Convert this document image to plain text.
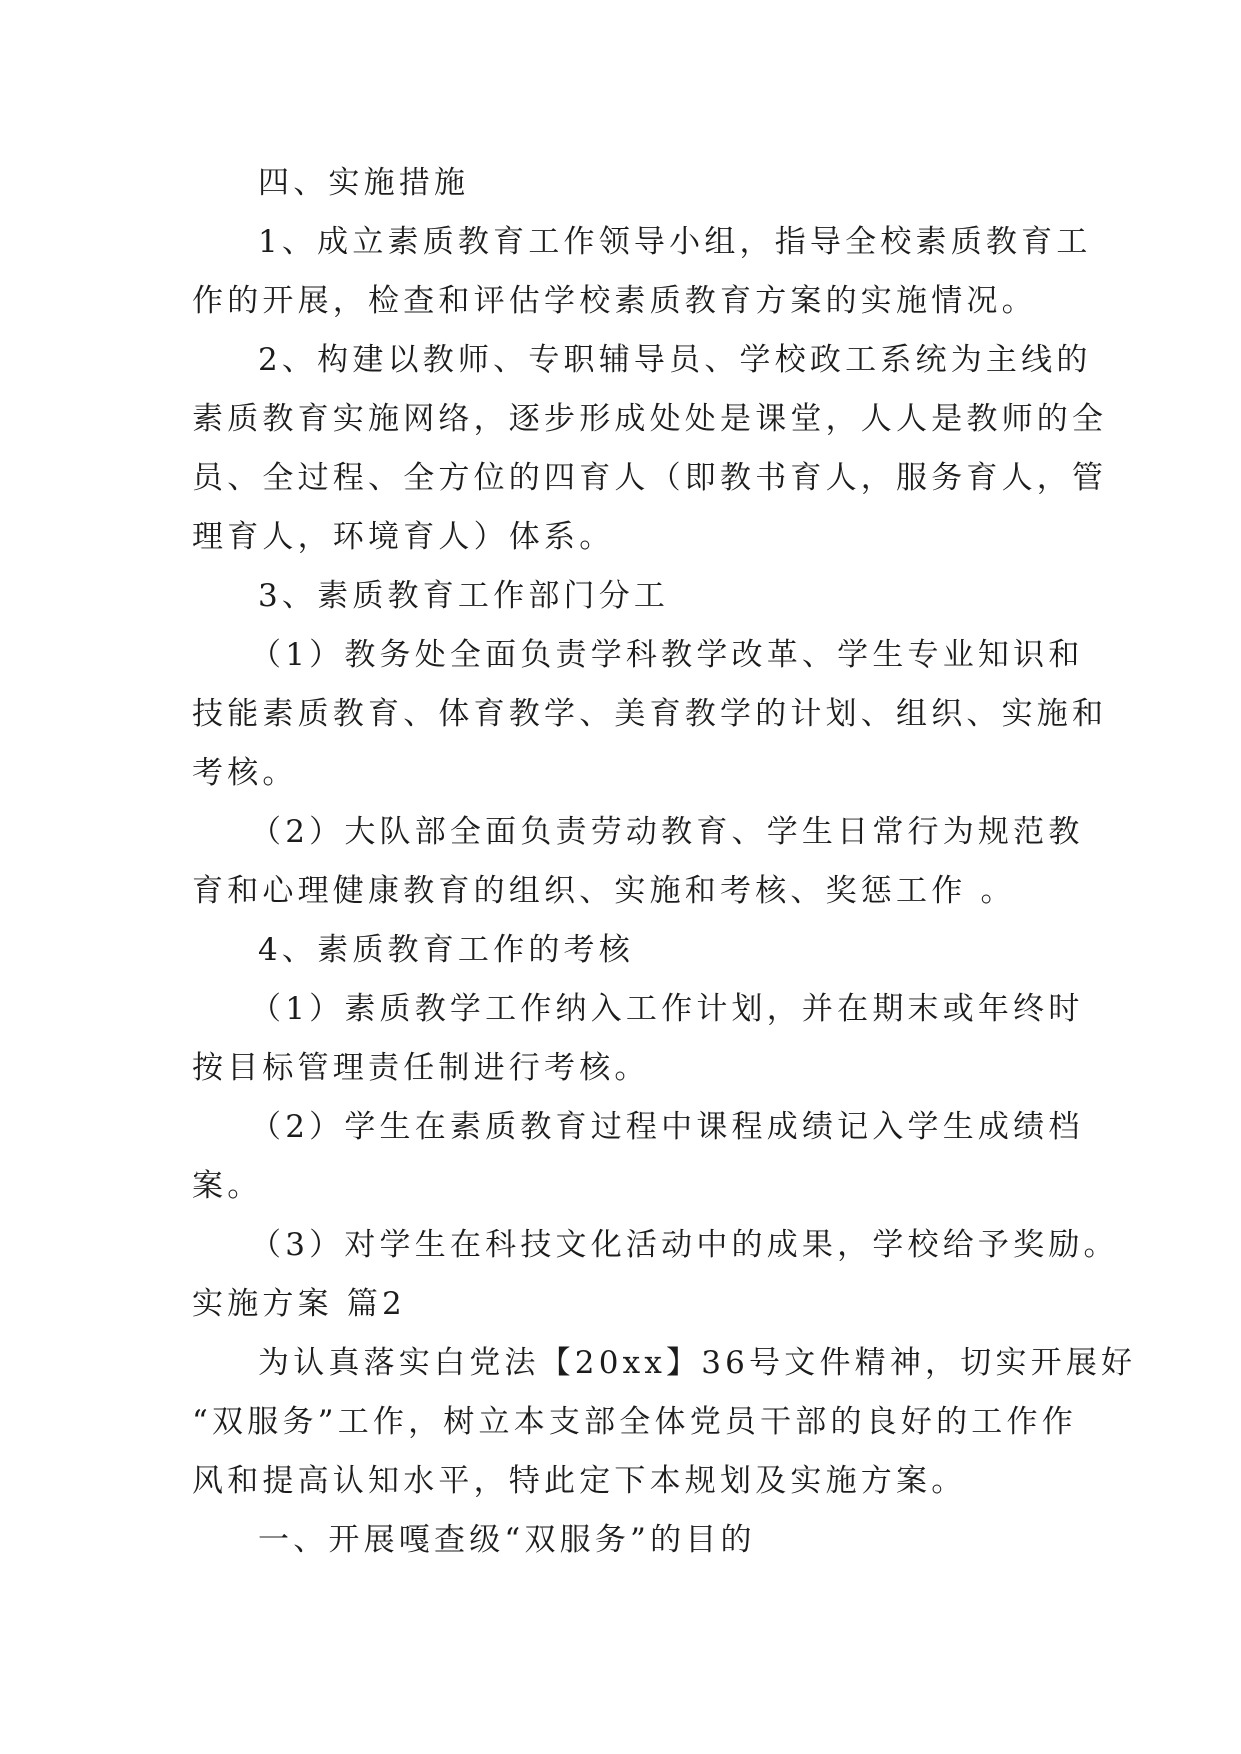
四、实施措施

1、成立素质教育工作领导小组，指导全校素质教育工

作的开展，检查和评估学校素质教育方案的实施情况。

2、构建以教师、专职辅导员、学校政工系统为主线的

素质教育实施网络，逐步形成处处是课堂，人人是教师的全

员、全过程、全方位的四育人（即教书育人，服务育人，管

理育人，环境育人）体系。

3、素质教育工作部门分工

（1）教务处全面负责学科教学改革、学生专业知识和

技能素质教育、体育教学、美育教学的计划、组织、实施和

考核。

（2）大队部全面负责劳动教育、学生日常行为规范教

育和心理健康教育的组织、实施和考核、奖惩工作 。

4、素质教育工作的考核

（1）素质教学工作纳入工作计划，并在期末或年终时

按目标管理责任制进行考核。

（2）学生在素质教育过程中课程成绩记入学生成绩档

案。

（3）对学生在科技文化活动中的成果，学校给予奖励。

实施方案 篇2

为认真落实白党法【20xx】36号文件精神，切实开展好

“双服务”工作，树立本支部全体党员干部的良好的工作作

风和提高认知水平，特此定下本规划及实施方案。

一、开展嘎查级“双服务”的目的
